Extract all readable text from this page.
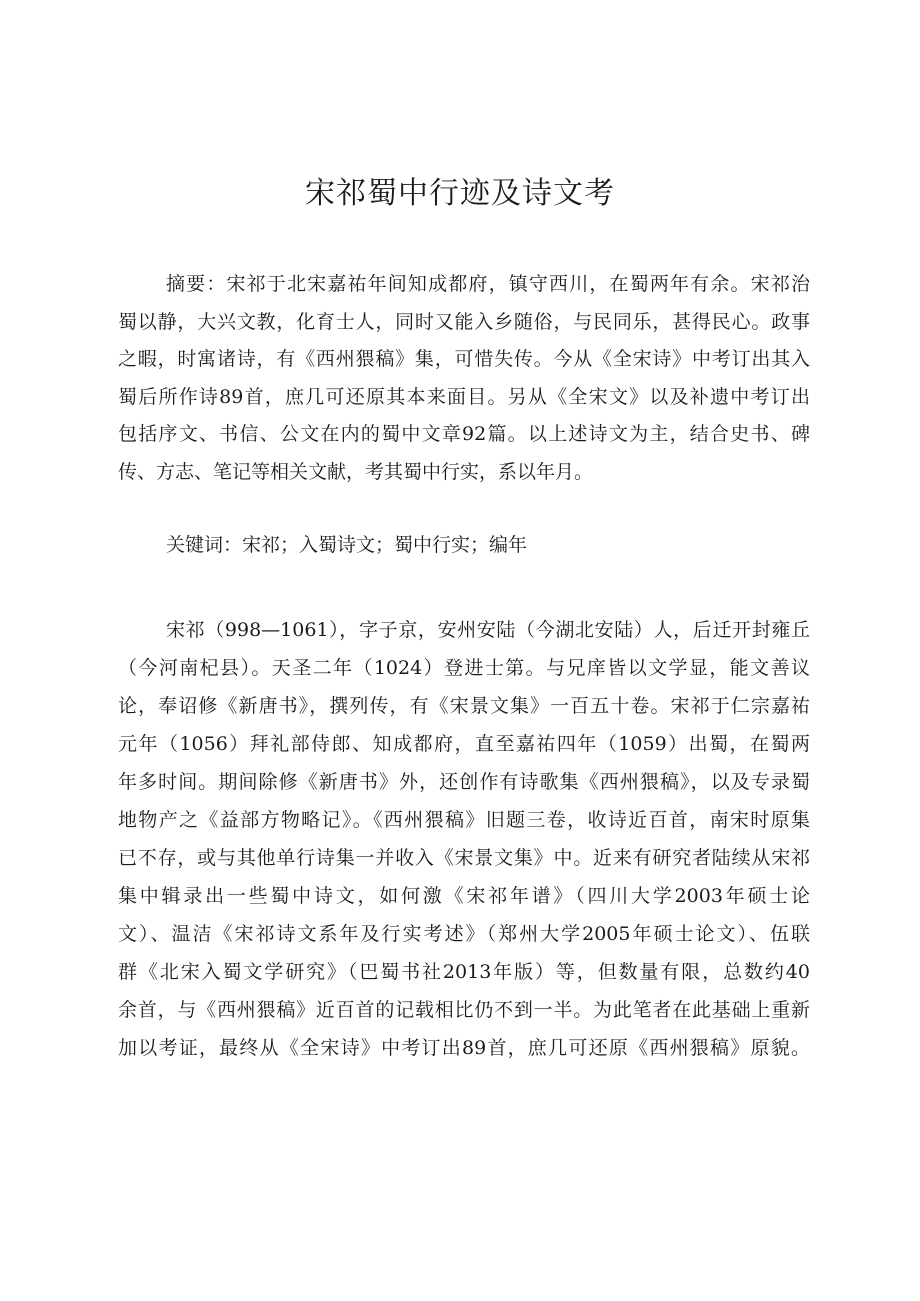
宋祁蜀中行迹及诗文考

摘要：宋祁于北宋嘉祐年间知成都府，镇守西川，在蜀两年有余。宋祁治

蜀以静，大兴文教，化育士人，同时又能入乡随俗，与民同乐，甚得民心。政事

之暇，时寓诸诗，有《西州猥稿》集，可惜失传。今从《全宋诗》中考订出其入

蜀后所作诗89首，庶几可还原其本来面目。另从《全宋文》以及补遗中考订出

包括序文、书信、公文在内的蜀中文章92篇。以上述诗文为主，结合史书、碑

传、方志、笔记等相关文献，考其蜀中行实，系以年月。

关键词：宋祁；入蜀诗文；蜀中行实；编年

宋祁（998—1061），字子京，安州安陆（今湖北安陆）人，后迁开封雍丘

（今河南杞县）。天圣二年（1024）登进士第。与兄庠皆以文学显，能文善议

论，奉诏修《新唐书》，撰列传，有《宋景文集》一百五十卷。宋祁于仁宗嘉祐

元年（1056）拜礼部侍郎、知成都府，直至嘉祐四年（1059）出蜀，在蜀两

年多时间。期间除修《新唐书》外，还创作有诗歌集《西州猥稿》，以及专录蜀

地物产之《益部方物略记》。《西州猥稿》旧题三卷，收诗近百首，南宋时原集

已不存，或与其他单行诗集一并收入《宋景文集》中。近来有研究者陆续从宋祁

集中辑录出一些蜀中诗文，如何激《宋祁年谱》（四川大学2003年硕士论

文）、温洁《宋祁诗文系年及行实考述》（郑州大学2005年硕士论文）、伍联

群《北宋入蜀文学研究》（巴蜀书社2013年版）等，但数量有限，总数约40

余首，与《西州猥稿》近百首的记载相比仍不到一半。为此笔者在此基础上重新

加以考证，最终从《全宋诗》中考订出89首，庶几可还原《西州猥稿》原貌。
